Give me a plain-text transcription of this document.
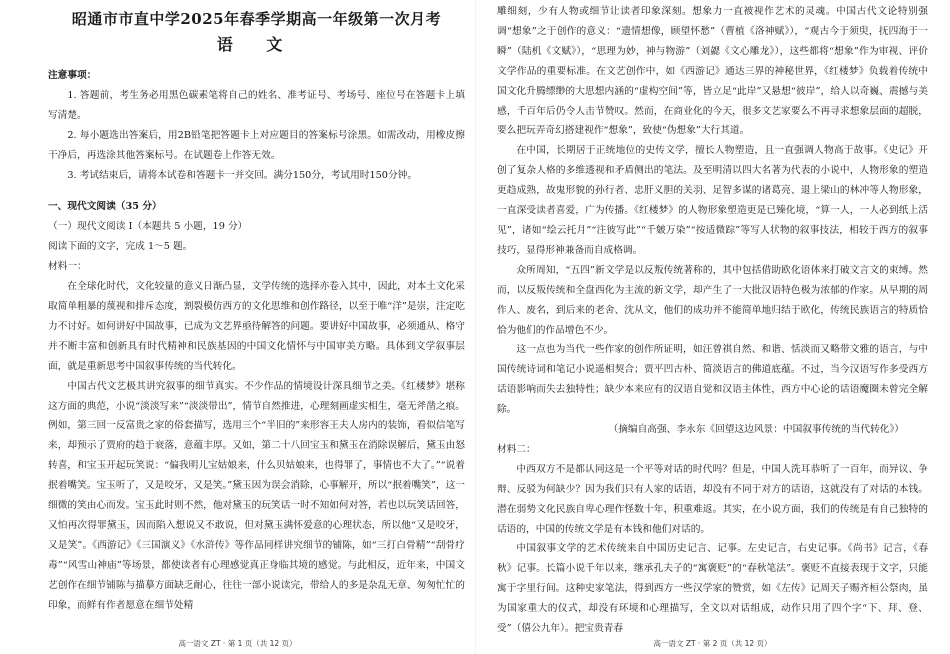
昭通市市直中学2025年春季学期高一年级第一次月考
语 文
注意事项：

1. 答题前，考生务必用黑色碳素笔将自己的姓名、准考证号、考场号、座位号在答题卡上填写清楚。

2. 每小题选出答案后，用2B铅笔把答题卡上对应题目的答案标号涂黑。如需改动，用橡皮擦干净后，再选涂其他答案标号。在试题卷上作答无效。

3. 考试结束后，请将本试卷和答题卡一并交回。满分150分，考试用时150分钟。

一、现代文阅读（35 分）
（一）现代文阅读 Ⅰ（本题共 5 小题，19 分）
阅读下面的文字，完成 1～5 题。
材料一：

在全球化时代，文化较量的意义日渐凸显，文学传统的选择亦卷入其中，因此，对本土文化采取简单粗暴的蔑视和排斥态度，割裂模仿西方的文化思维和创作路径，以至于唯“洋”是崇，注定吃力不讨好。如何讲好中国故事，已成为文艺界亟待解答的问题。要讲好中国故事，必须通从、格守并不断丰富和创新具有时代精神和民族基因的中国文化情怀与中国审美方略。具体到文学叙事层面，就是重新思考中国叙事传统的当代转化。

中国古代文艺极其讲究叙事的细节真实。不少作品的情境设计深具细节之美。《红楼梦》堪称这方面的典范，小说“淡淡写来”“淡淡带出”，情节自然推进，心理刻画虚实相生，毫无斧凿之痕。例如，第三回一反富贵之家的俗套描写，选用三个“半旧的”来形容王夫人房内的装饰，看似信笔写来，却预示了贾府的趋于衰落，意蕴丰厚。又如，第二十八回宝玉和黛玉在消除误解后，黛玉由怒转喜，和宝玉开起玩笑说：“偏我明儿宝姑娘来，什么贝姑娘来，也得罪了，事情也不大了。”“说着抿着嘴笑。宝玉听了，又是咬牙，又是笑。”黛玉因为误会消除，心事解开，所以“抿着嘴笑”，这一细微的笑由心而发。宝玉此时则不然，他对黛玉的玩笑话一时不知如何对答，若也以玩笑话回答，又怕再次得罪黛玉，因而陷入想说又不敢说，但对黛玉满怀爱意的心理状态，所以他“又是咬牙，又是笑”。《西游记》《三国演义》《水浒传》等作品同样讲究细节的铺陈，如“三打白骨精”“刮骨疗毒”“风雪山神庙”等场景，都使读者有心理感觉真正身临其境的感觉。与此相反，近年来，中国文艺创作在细节铺陈与描摹方面缺乏耐心，往往一部小说读完，带给人的多是杂乱无章、匆匆忙忙的印象，而鲜有作者愿意在细节处精

高一语文 ZT · 第 1 页（共 12 页）

雕细刻，少有人物或细节让读者印象深刻。想象力一直被视作艺术的灵魂。中国古代文论特别强调“想象”之于创作的意义：“遗情想像，顾望怀愁”（曹植《洛神赋》），“观古今于须臾，抚四海于一瞬”（陆机《文赋》），“思理为妙，神与物游”（刘勰《文心雕龙》），这些都将“想象”作为审视、评价文学作品的重要标准。在文艺创作中，如《西游记》通达三界的神秘世界，《红楼梦》负载着传统中国文化升腾缥缈的大思想内涵的“虚构空间”等，皆立足“此岸”又悬想“彼岸”，给人以奇巍、震撼与美感，千百年后仍令人击节赞叹。然而，在商业化的今天，很多文艺家要么不再寻求想象层面的超脱，要么把玩弄奇幻搭建视作“想象”，致使“伪想象”大行其道。

在中国，长期居于正统地位的史传文学，擅长人物塑造，且一直强调人物高于故事。《史记》开创了复杂人格的多维透视和矛盾侧出的笔法。及至明清以四大名著为代表的小说中，人物形象的塑造更趋成熟，故鬼形貌的孙行者、忠肝义胆的关羽、足智多谋的诸葛亮、退上梁山的林冲等人物形象，一直深受读者喜爱，广为传播。《红楼梦》的人物形象塑造更是已臻化境，“算一人，一人必到纸上活见”，诸如“绘云托月”“注彼写此”“千皴万染”“按适微踪”等写人状物的叙事技法，相较于西方的叙事技巧，显得形神兼备而自成格调。

众所周知，“五四”新文学是以反叛传统著称的，其中包括借助欧化语体来打破文言文的束缚。然而，以反叛传统和全盘西化为主流的新文学，却产生了一大批汉语特色极为浓郁的作家。从早期的周作人、废名，到后来的老舍、沈从文，他们的成功并不能简单地归结于欧化，传统民族语言的特质恰恰为他们的作品增色不少。

这一点也为当代一些作家的创作所证明，如汪曾祺自然、和谐、恬淡而又略带文雅的语言，与中国传统诗词和笔记小说遥相契合；贾平凹古朴、简淡语言的佛道底蕴。不过，当今汉语写作多受西方话语影响而失去独特性；缺少本来应有的汉语自觉和汉语主体性，西方中心论的话语魔圈未曾完全解除。

（摘编自高强、李永东《回望这边风景：中国叙事传统的当代转化》）

材料二：

中西双方不是都认同这是一个平等对话的时代吗？但是，中国人洗耳恭听了一百年，而异议、争辩、反驳为何缺少？因为我们只有人家的话语，却没有不同于对方的话语，这就没有了对话的本钱。潜在弱势文化民族自卑心理作怪数十年，积重难返。其实，在小说方面，我们的传统是有自己独特的话语的，中国的传统文学是有本钱和他们对话的。

中国叙事文学的艺术传统来自中国历史记言、记事。左史记言，右史记事。《尚书》记言，《春秋》记事。长篇小说千年以来，继承孔夫子的“寓褒贬”的“春秋笔法”。褒贬不直接表现于文字，只能寓于字里行间。这种史家笔法，得到西方一些汉学家的赞赏，如《左传》记周天子赐齐桓公祭肉，虽为国家重大的仪式，却没有环境和心理描写，全文以对话组成，动作只用了四个字“下、拜、登、受”（僖公九年）。把宝贵青春

高一语文 ZT · 第 2 页（共 12 页）
